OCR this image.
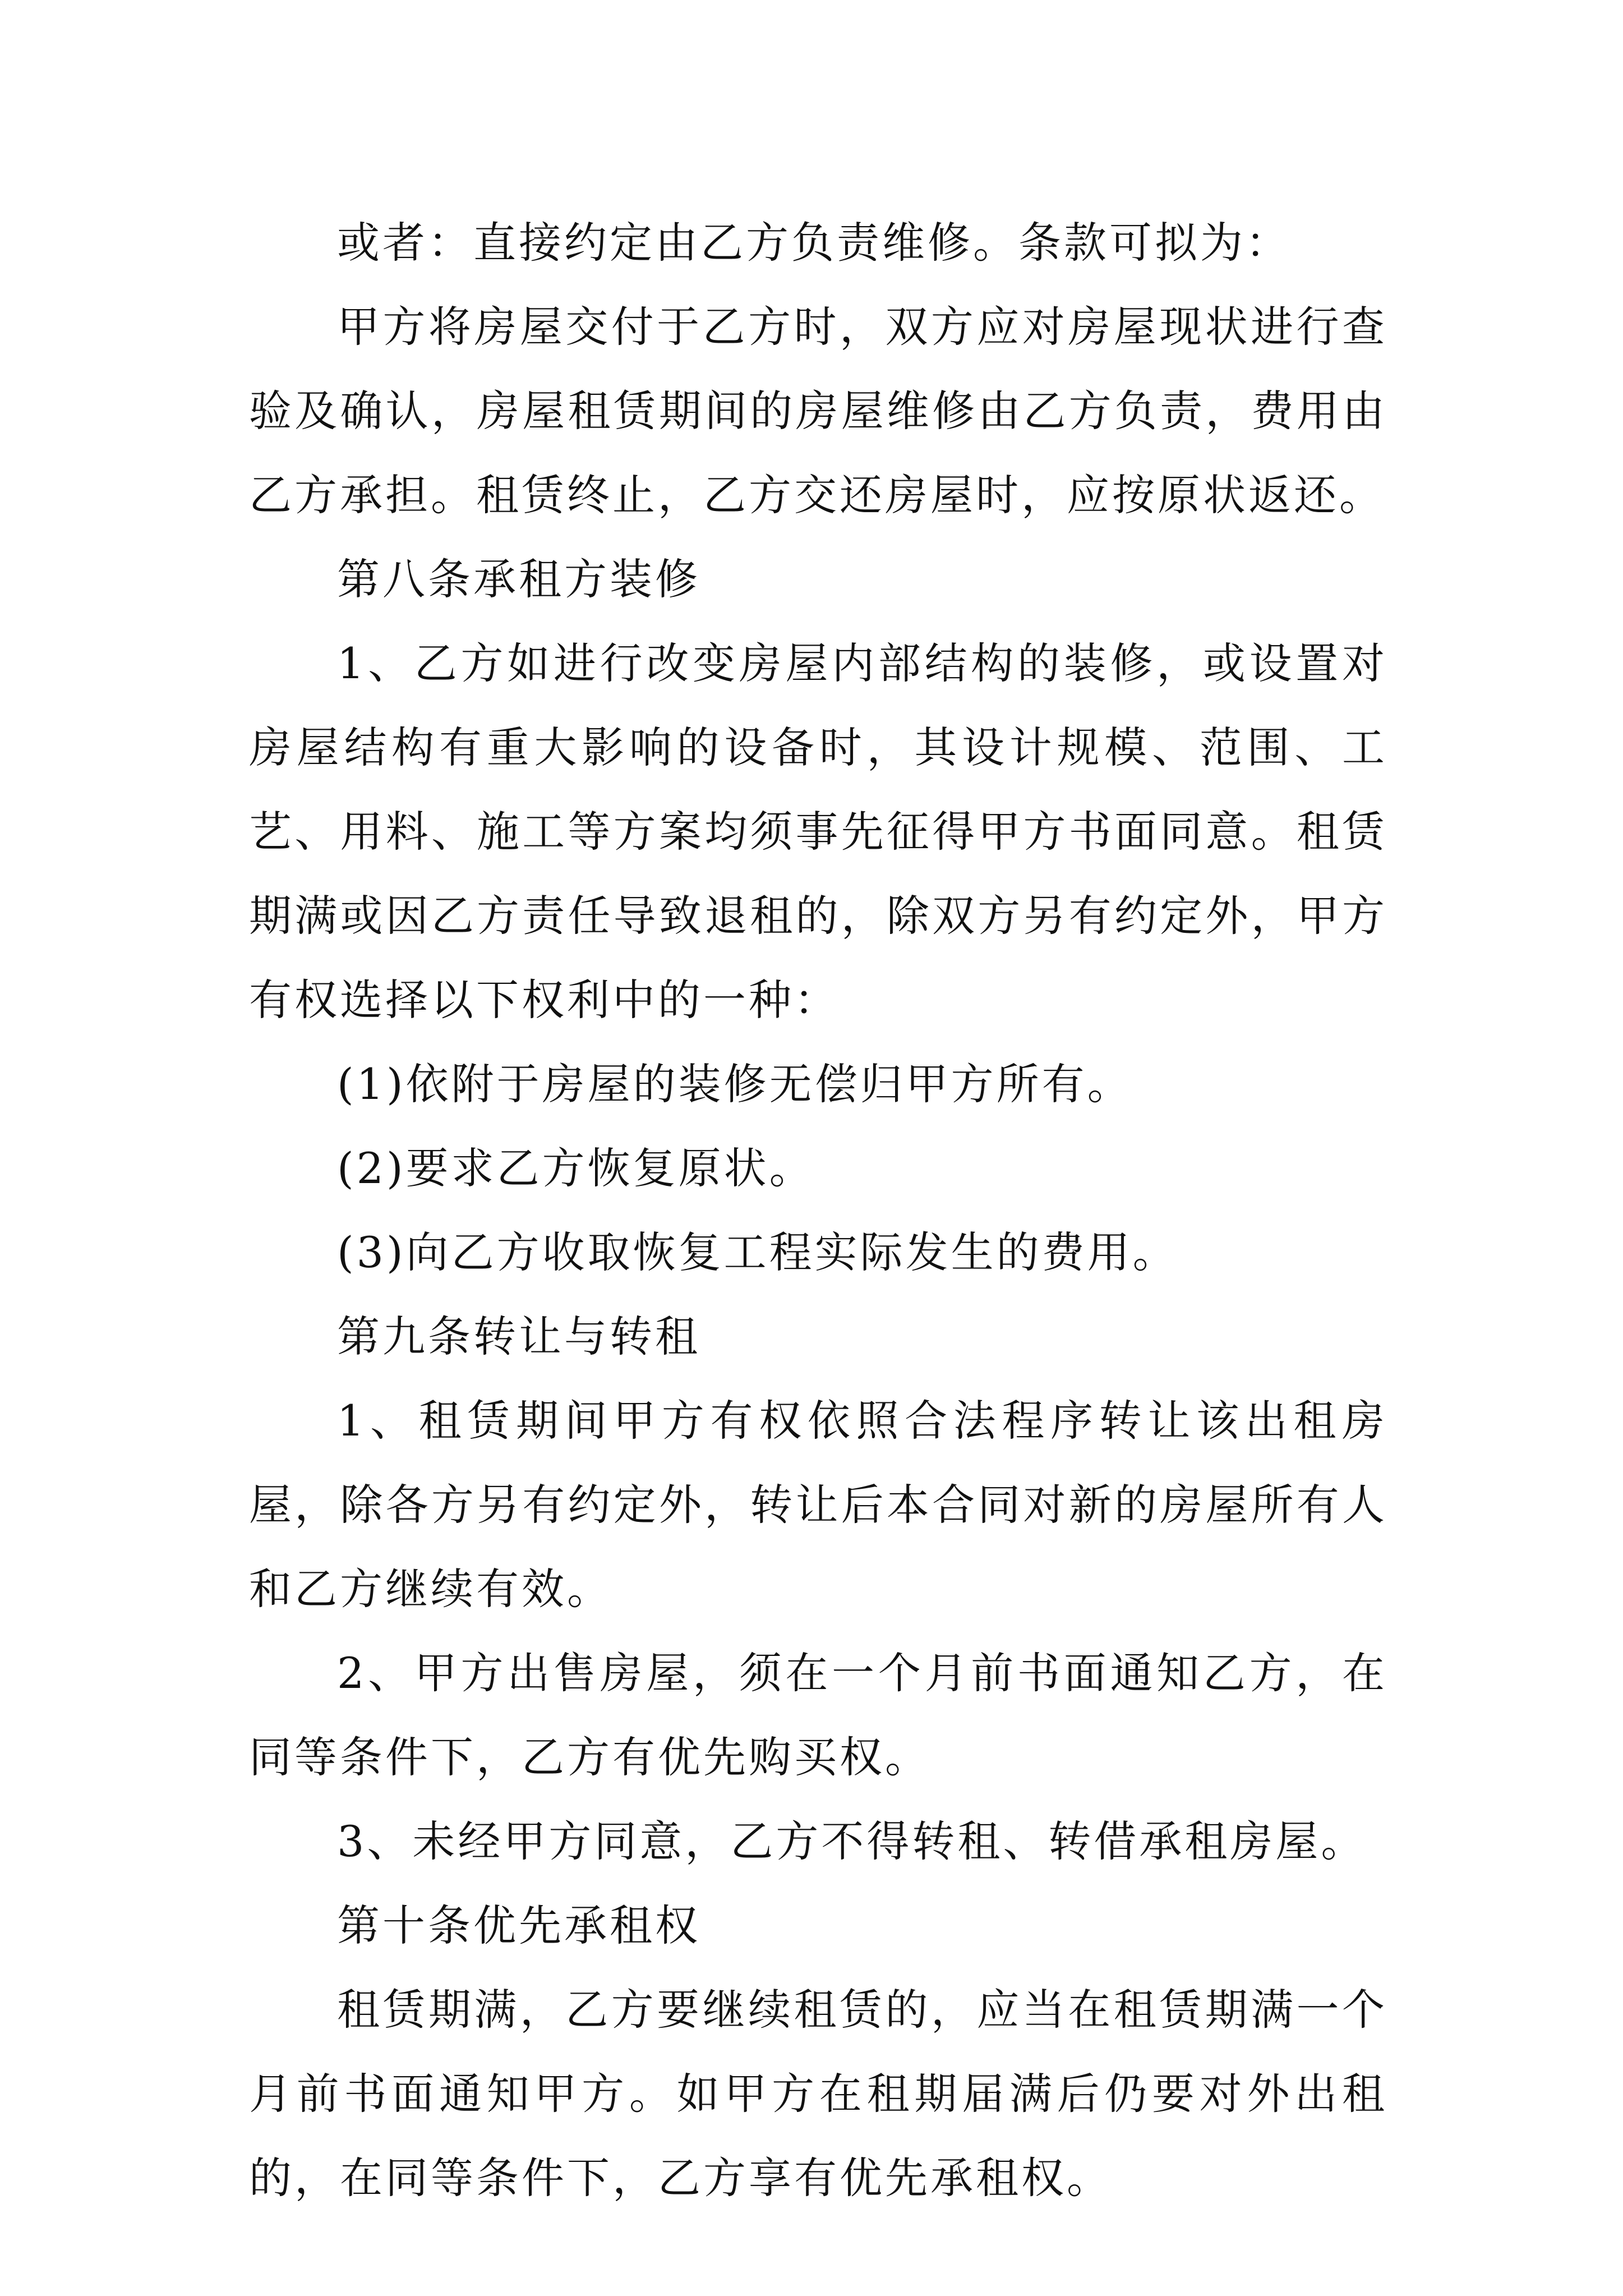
或者：直接约定由乙方负责维修。条款可拟为：

甲方将房屋交付于乙方时，双方应对房屋现状进行查验及确认，房屋租赁期间的房屋维修由乙方负责，费用由乙方承担。租赁终止，乙方交还房屋时，应按原状返还。

第八条承租方装修

1、乙方如进行改变房屋内部结构的装修，或设置对房屋结构有重大影响的设备时，其设计规模、范围、工艺、用料、施工等方案均须事先征得甲方书面同意。租赁期满或因乙方责任导致退租的，除双方另有约定外，甲方有权选择以下权利中的一种：

(1)依附于房屋的装修无偿归甲方所有。

(2)要求乙方恢复原状。

(3)向乙方收取恢复工程实际发生的费用。

第九条转让与转租

1、租赁期间甲方有权依照合法程序转让该出租房屋，除各方另有约定外，转让后本合同对新的房屋所有人和乙方继续有效。

2、甲方出售房屋，须在一个月前书面通知乙方，在同等条件下，乙方有优先购买权。

3、未经甲方同意，乙方不得转租、转借承租房屋。

第十条优先承租权

租赁期满，乙方要继续租赁的，应当在租赁期满一个月前书面通知甲方。如甲方在租期届满后仍要对外出租的，在同等条件下，乙方享有优先承租权。
